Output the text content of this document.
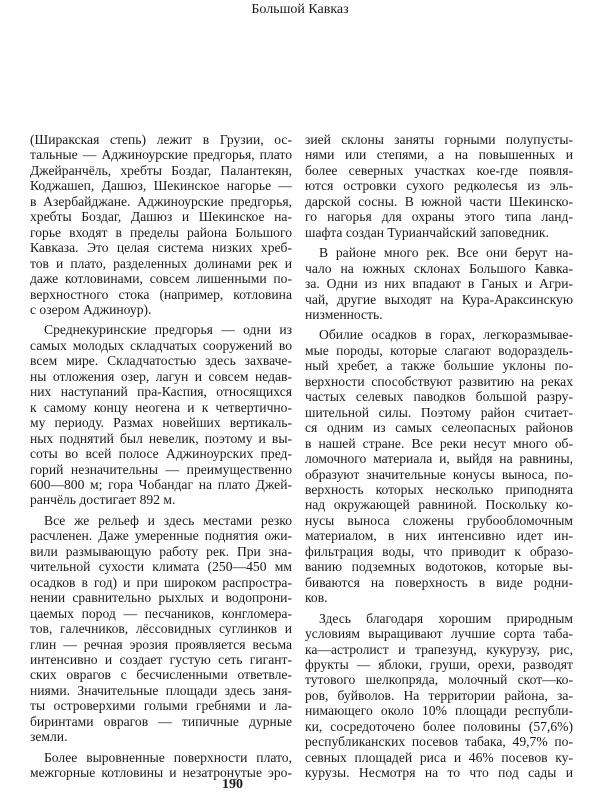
Большой Кавказ
(Ширакская степь) лежит в Грузии, ос-
тальные — Аджиноурские предгорья, плато
Джейранчёль, хребты Боздаг, Палантекян,
Коджашеп, Дашюз, Шекинское нагорье —
в Азербайджане. Аджиноурские предгорья,
хребты Боздаг, Дашюз и Шекинское на-
горье входят в пределы района Большого
Кавказа. Это целая система низких хреб-
тов и плато, разделенных долинами рек и
даже котловинами, совсем лишенными по-
верхностного стока (например, котловина
с озером Аджиноур).
Среднекуринские предгорья — одни из
самых молодых складчатых сооружений во
всем мире. Складчатостью здесь захваче-
ны отложения озер, лагун и совсем недав-
них наступаний пра-Каспия, относящихся
к самому концу неогена и к четвертично-
му периоду. Размах новейших вертикаль-
ных поднятий был невелик, поэтому и вы-
соты во всей полосе Аджиноурских пред-
горий незначительны — преимущественно
600—800 м; гора Чобандаг на плато Джей-
ранчёль достигает 892 м.
Все же рельеф и здесь местами резко
расчленен. Даже умеренные поднятия ожи-
вили размывающую работу рек. При зна-
чительной сухости климата (250—450 мм
осадков в год) и при широком распростра-
нении сравнительно рыхлых и водопрони-
цаемых пород — песчаников, конгломера-
тов, галечников, лёссовидных суглинков и
глин — речная эрозия проявляется весьма
интенсивно и создает густую сеть гигант-
ских оврагов с бесчисленными ответвле-
ниями. Значительные площади здесь заня-
ты островерхими голыми гребнями и ла-
биринтами оврагов — типичные дурные
земли.
Более выровненные поверхности плато,
межгорные котловины и незатронутые эро-
зией склоны заняты горными полупусты-
нями или степями, а на повышенных и
более северных участках кое-где появля-
ются островки сухого редколесья из эль-
дарской сосны. В южной части Шекинско-
го нагорья для охраны этого типа ланд-
шафта создан Турианчайский заповедник.
В районе много рек. Все они берут на-
чало на южных склонах Большого Кавка-
за. Одни из них впадают в Ганых и Агри-
чай, другие выходят на Кура-Араксинскую
низменность.
Обилие осадков в горах, легкоразмывае-
мые породы, которые слагают водораздель-
ный хребет, а также большие уклоны по-
верхности способствуют развитию на реках
частых селевых паводков большой разру-
шительной силы. Поэтому район считает-
ся одним из самых селеопасных районов
в нашей стране. Все реки несут много об-
ломочного материала и, выйдя на равнины,
образуют значительные конусы выноса, по-
верхность которых несколько приподнята
над окружающей равниной. Поскольку ко-
нусы выноса сложены грубообломочным
материалом, в них интенсивно идет ин-
фильтрация воды, что приводит к образо-
ванию подземных водотоков, которые вы-
биваются на поверхность в виде родни-
ков.
Здесь благодаря хорошим природным
условиям выращивают лучшие сорта таба-
ка—астролист и трапезунд, кукурузу, рис,
фрукты — яблоки, груши, орехи, разводят
тутового шелкопряда, молочный скот—ко-
ров, буйволов. На территории района, за-
нимающего около 10% площади республи-
ки, сосредоточено более половины (57,6%)
республиканских посевов табака, 49,7% по-
севных площадей риса и 46% посевов ку-
курузы. Несмотря на то что под сады и
190
